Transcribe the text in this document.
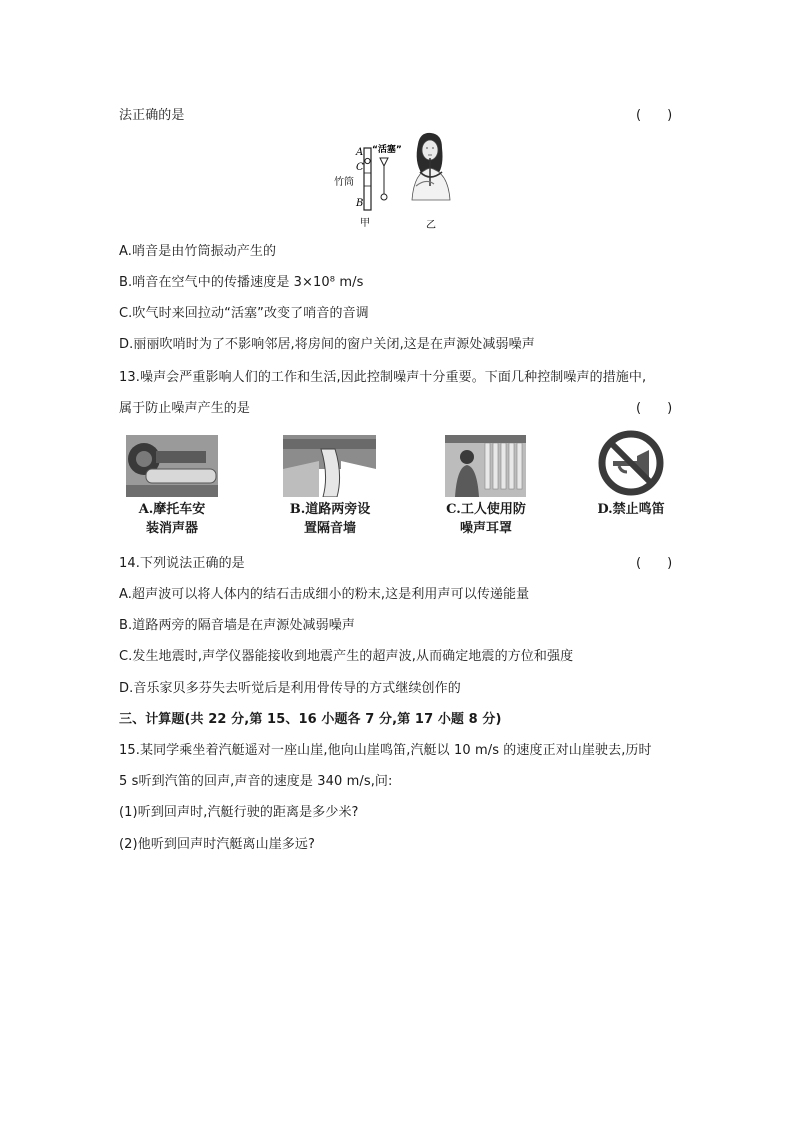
法正确的是	(　　)
A
C
竹筒
B
“活塞”
甲	乙
A.哨音是由竹筒振动产生的
B.哨音在空气中的传播速度是 3×10⁸ m/s
C.吹气时来回拉动“活塞”改变了哨音的音调
D.丽丽吹哨时为了不影响邻居,将房间的窗户关闭,这是在声源处减弱噪声
13.噪声会严重影响人们的工作和生活,因此控制噪声十分重要。下面几种控制噪声的措施中,
属于防止噪声产生的是	(　　)
A.摩托车安
装消声器
B.道路两旁设
置隔音墙
C.工人使用防
噪声耳罩
D.禁止鸣笛
14.下列说法正确的是	(　　)
A.超声波可以将人体内的结石击成细小的粉末,这是利用声可以传递能量
B.道路两旁的隔音墙是在声源处减弱噪声
C.发生地震时,声学仪器能接收到地震产生的超声波,从而确定地震的方位和强度
D.音乐家贝多芬失去听觉后是利用骨传导的方式继续创作的
三、计算题(共 22 分,第 15、16 小题各 7 分,第 17 小题 8 分)
15.某同学乘坐着汽艇遥对一座山崖,他向山崖鸣笛,汽艇以 10 m/s 的速度正对山崖驶去,历时
5 s听到汽笛的回声,声音的速度是 340 m/s,问:
(1)听到回声时,汽艇行驶的距离是多少米?
(2)他听到回声时汽艇离山崖多远?
